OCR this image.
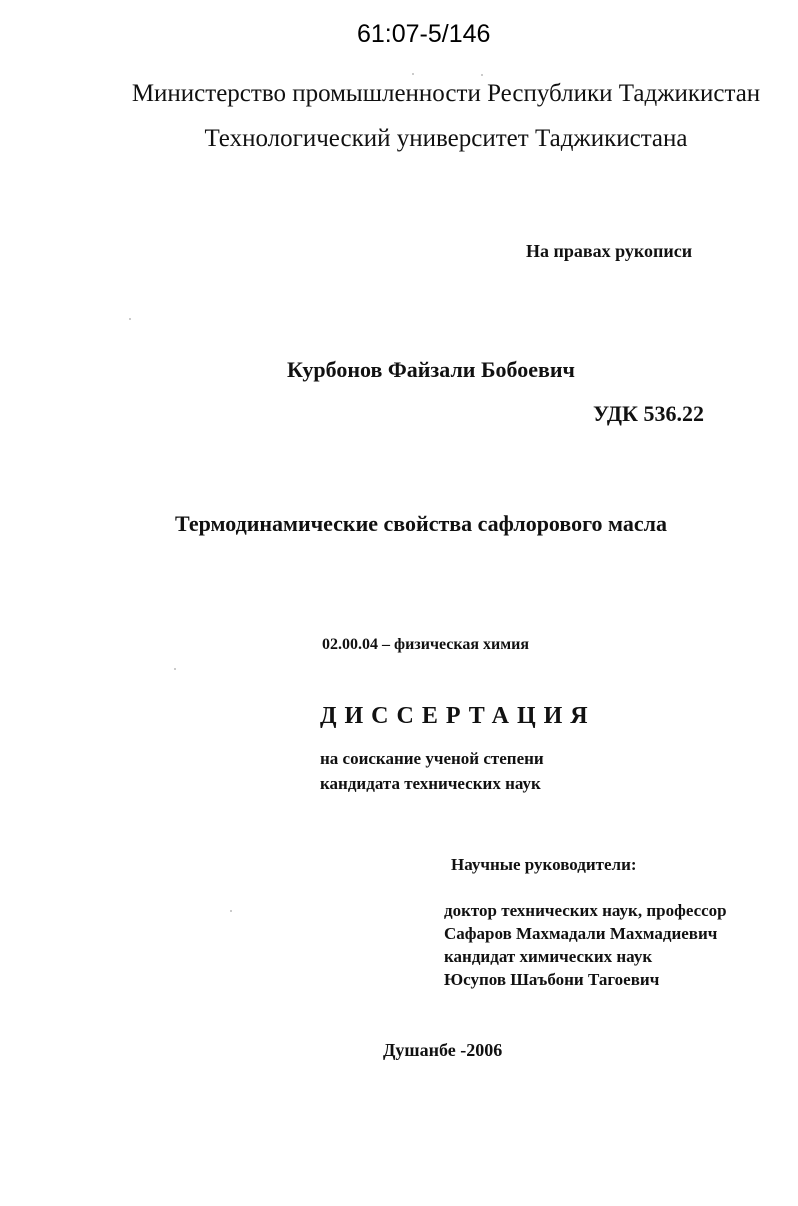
61:07-5/146
Министерство промышленности Республики Таджикистан
Технологический университет Таджикистана
На правах рукописи
Курбонов Файзали Бобоевич
УДК 536.22
Термодинамические свойства сафлорового масла
02.00.04 – физическая химия
ДИССЕРТАЦИЯ
на соискание ученой степени
кандидата технических наук
Научные руководители:
доктор технических наук, профессор
Сафаров Махмадали Махмадиевич
кандидат химических наук
Юсупов Шаъбони Тагоевич
Душанбе -2006
